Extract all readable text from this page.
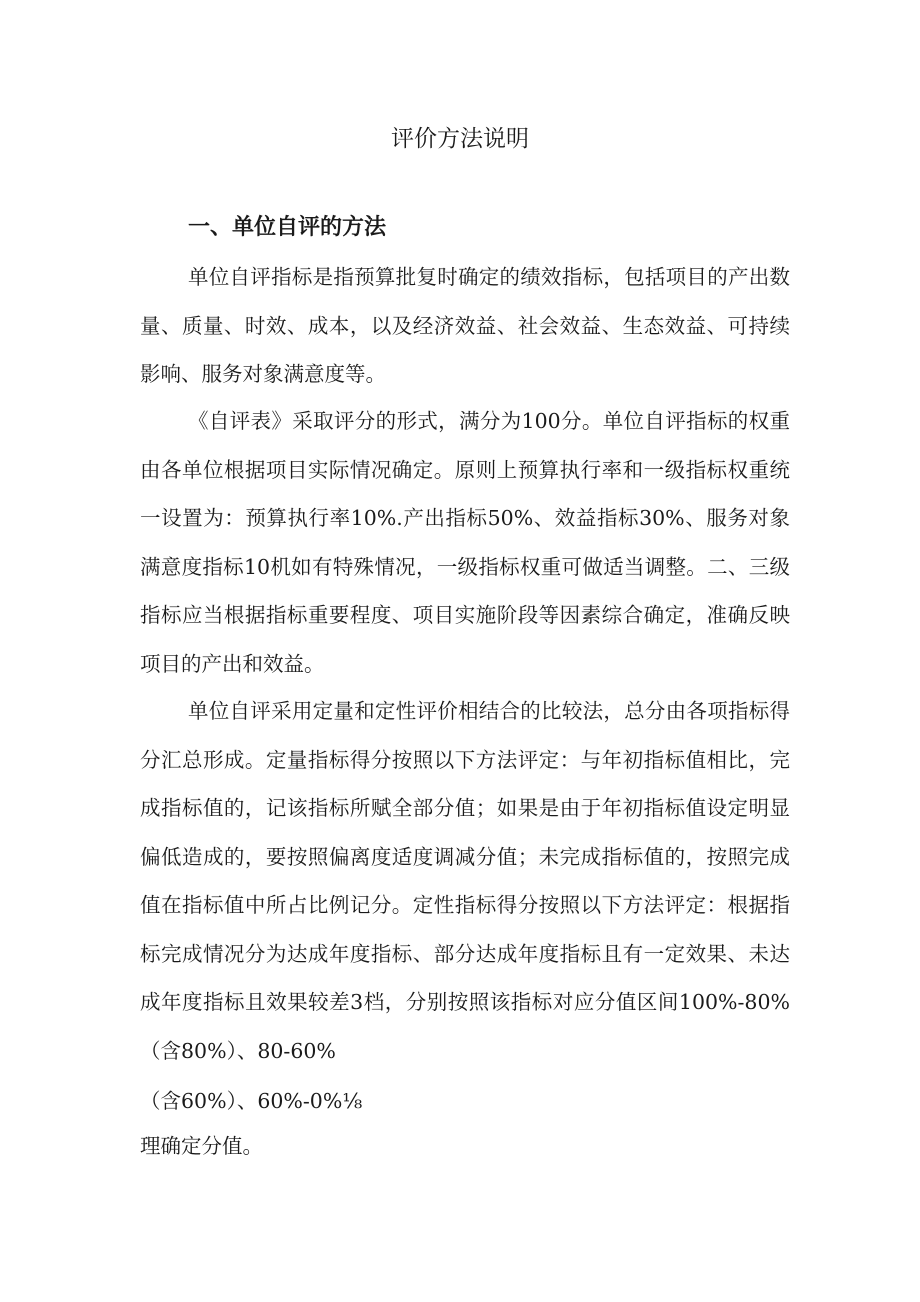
评价方法说明
一、单位自评的方法

单位自评指标是指预算批复时确定的绩效指标，包括项目的产出数量、质量、时效、成本，以及经济效益、社会效益、生态效益、可持续影响、服务对象满意度等。

《自评表》采取评分的形式，满分为100分。单位自评指标的权重由各单位根据项目实际情况确定。原则上预算执行率和一级指标权重统一设置为：预算执行率10%.产出指标50%、效益指标30%、服务对象满意度指标10机如有特殊情况，一级指标权重可做适当调整。二、三级指标应当根据指标重要程度、项目实施阶段等因素综合确定，准确反映项目的产出和效益。

单位自评采用定量和定性评价相结合的比较法，总分由各项指标得分汇总形成。定量指标得分按照以下方法评定：与年初指标值相比，完成指标值的，记该指标所赋全部分值；如果是由于年初指标值设定明显偏低造成的，要按照偏离度适度调减分值；未完成指标值的，按照完成值在指标值中所占比例记分。定性指标得分按照以下方法评定：根据指标完成情况分为达成年度指标、部分达成年度指标且有一定效果、未达成年度指标且效果较差3档，分别按照该指标对应分值区间100%-80%（含80%）、80-60%

（含60%）、60%-0%⅛

理确定分值。
